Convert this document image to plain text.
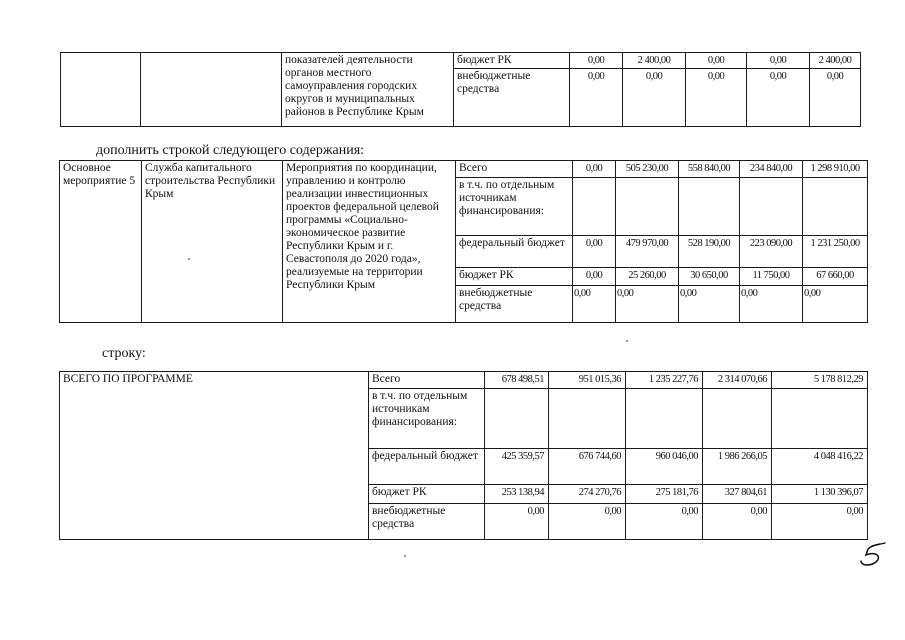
		показателей деятельности органов местного самоуправления городских округов и муниципальных районов в Республике Крым	бюджет РК	0,00	2 400,00	0,00	0,00	2 400,00
			внебюджетные средства	0,00	0,00	0,00	0,00	0,00
дополнить строкой следующего содержания:
Основное мероприятие 5	Служба капитального строительства Республики Крым	Мероприятия по координации, управлению и контролю реализации инвестиционных проектов федеральной целевой программы «Социально-экономическое развитие Республики Крым и г. Севастополя до 2020 года», реализуемые на территории Республики Крым	Всего	0,00	505 230,00	558 840,00	234 840,00	1 298 910,00
			в т.ч. по отдельным источникам финансирования:					
			федеральный бюджет	0,00	479 970,00	528 190,00	223 090,00	1 231 250,00
			бюджет РК	0,00	25 260,00	30 650,00	11 750,00	67 660,00
			внебюджетные средства	0,00	0,00	0,00	0,00	0,00
строку:
ВСЕГО ПО ПРОГРАММЕ	Всего	678 498,51	951 015,36	1 235 227,76	2 314 070,66	5 178 812,29
	в т.ч. по отдельным источникам финансирования:					
	федеральный бюджет	425 359,57	676 744,60	960 046,00	1 986 266,05	4 048 416,22
	бюджет РК	253 138,94	274 270,76	275 181,76	327 804,61	1 130 396,07
	внебюджетные средства	0,00	0,00	0,00	0,00	0,00
